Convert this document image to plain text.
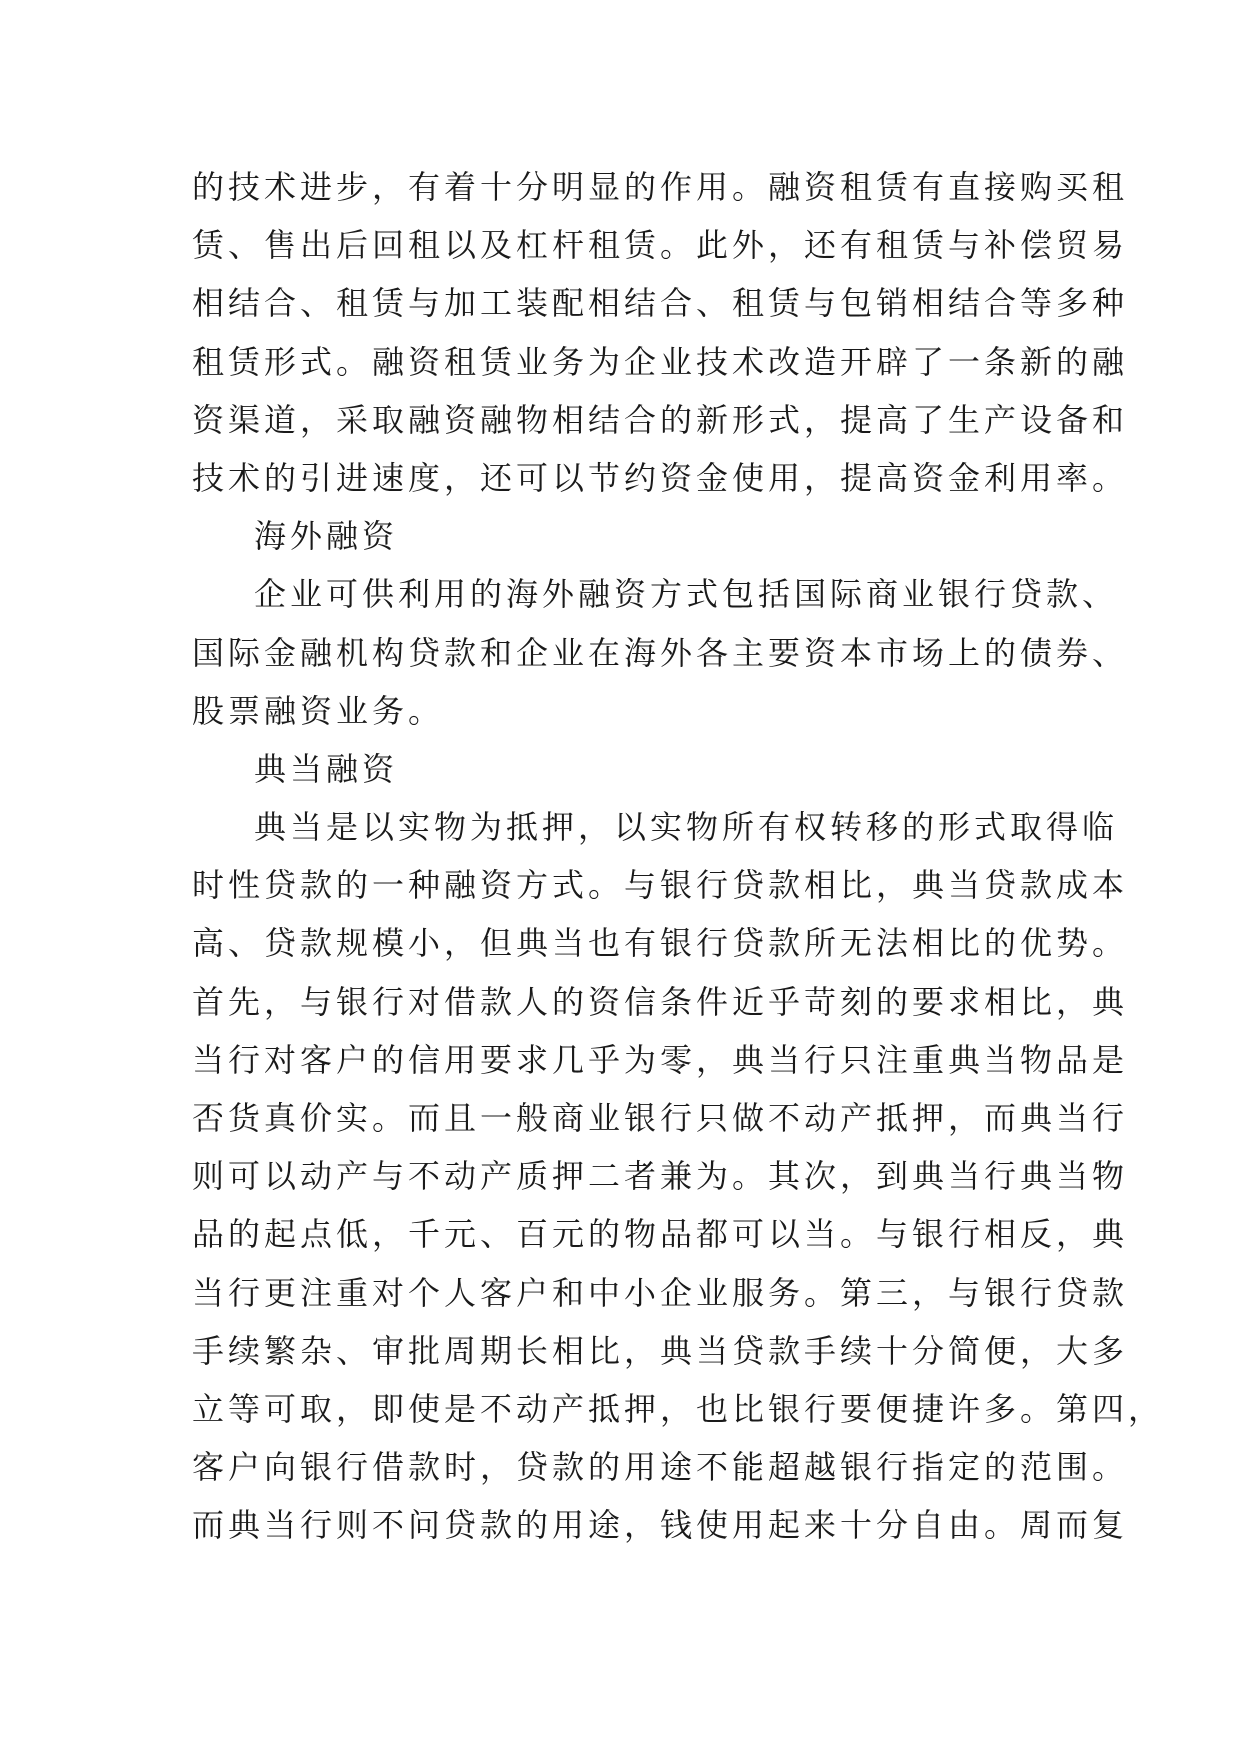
的技术进步，有着十分明显的作用。融资租赁有直接购买租
赁、售出后回租以及杠杆租赁。此外，还有租赁与补偿贸易
相结合、租赁与加工装配相结合、租赁与包销相结合等多种
租赁形式。融资租赁业务为企业技术改造开辟了一条新的融
资渠道，采取融资融物相结合的新形式，提高了生产设备和
技术的引进速度，还可以节约资金使用，提高资金利用率。
海外融资
企业可供利用的海外融资方式包括国际商业银行贷款、
国际金融机构贷款和企业在海外各主要资本市场上的债券、
股票融资业务。
典当融资
典当是以实物为抵押，以实物所有权转移的形式取得临
时性贷款的一种融资方式。与银行贷款相比，典当贷款成本
高、贷款规模小，但典当也有银行贷款所无法相比的优势。
首先，与银行对借款人的资信条件近乎苛刻的要求相比，典
当行对客户的信用要求几乎为零，典当行只注重典当物品是
否货真价实。而且一般商业银行只做不动产抵押，而典当行
则可以动产与不动产质押二者兼为。其次，到典当行典当物
品的起点低，千元、百元的物品都可以当。与银行相反，典
当行更注重对个人客户和中小企业服务。第三，与银行贷款
手续繁杂、审批周期长相比，典当贷款手续十分简便，大多
立等可取，即使是不动产抵押，也比银行要便捷许多。第四，
客户向银行借款时，贷款的用途不能超越银行指定的范围。
而典当行则不问贷款的用途，钱使用起来十分自由。周而复
